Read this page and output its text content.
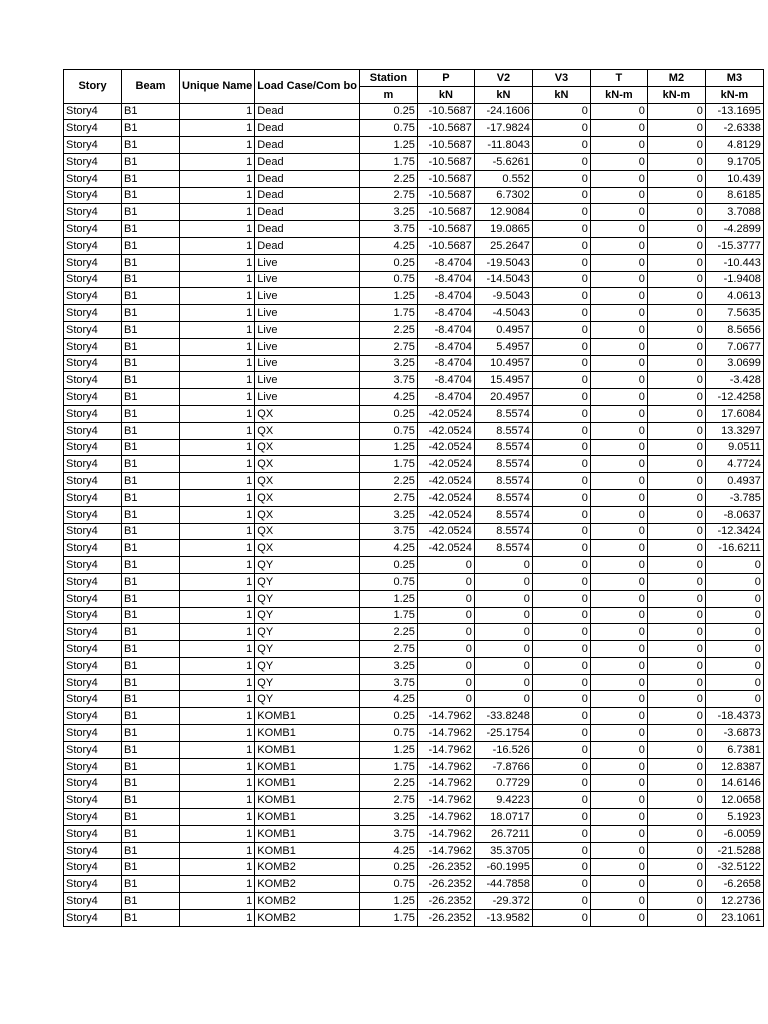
Story	Beam	Unique Name	Load Case/Com bo	Station	P	V2	V3	T	M2	M3
				m	kN	kN	kN	kN-m	kN-m	kN-m
Story4	B1	1	Dead	0.25	-10.5687	-24.1606	0	0	0	-13.1695
Story4	B1	1	Dead	0.75	-10.5687	-17.9824	0	0	0	-2.6338
Story4	B1	1	Dead	1.25	-10.5687	-11.8043	0	0	0	4.8129
Story4	B1	1	Dead	1.75	-10.5687	-5.6261	0	0	0	9.1705
Story4	B1	1	Dead	2.25	-10.5687	0.552	0	0	0	10.439
Story4	B1	1	Dead	2.75	-10.5687	6.7302	0	0	0	8.6185
Story4	B1	1	Dead	3.25	-10.5687	12.9084	0	0	0	3.7088
Story4	B1	1	Dead	3.75	-10.5687	19.0865	0	0	0	-4.2899
Story4	B1	1	Dead	4.25	-10.5687	25.2647	0	0	0	-15.3777
Story4	B1	1	Live	0.25	-8.4704	-19.5043	0	0	0	-10.443
Story4	B1	1	Live	0.75	-8.4704	-14.5043	0	0	0	-1.9408
Story4	B1	1	Live	1.25	-8.4704	-9.5043	0	0	0	4.0613
Story4	B1	1	Live	1.75	-8.4704	-4.5043	0	0	0	7.5635
Story4	B1	1	Live	2.25	-8.4704	0.4957	0	0	0	8.5656
Story4	B1	1	Live	2.75	-8.4704	5.4957	0	0	0	7.0677
Story4	B1	1	Live	3.25	-8.4704	10.4957	0	0	0	3.0699
Story4	B1	1	Live	3.75	-8.4704	15.4957	0	0	0	-3.428
Story4	B1	1	Live	4.25	-8.4704	20.4957	0	0	0	-12.4258
Story4	B1	1	QX	0.25	-42.0524	8.5574	0	0	0	17.6084
Story4	B1	1	QX	0.75	-42.0524	8.5574	0	0	0	13.3297
Story4	B1	1	QX	1.25	-42.0524	8.5574	0	0	0	9.0511
Story4	B1	1	QX	1.75	-42.0524	8.5574	0	0	0	4.7724
Story4	B1	1	QX	2.25	-42.0524	8.5574	0	0	0	0.4937
Story4	B1	1	QX	2.75	-42.0524	8.5574	0	0	0	-3.785
Story4	B1	1	QX	3.25	-42.0524	8.5574	0	0	0	-8.0637
Story4	B1	1	QX	3.75	-42.0524	8.5574	0	0	0	-12.3424
Story4	B1	1	QX	4.25	-42.0524	8.5574	0	0	0	-16.6211
Story4	B1	1	QY	0.25	0	0	0	0	0	0
Story4	B1	1	QY	0.75	0	0	0	0	0	0
Story4	B1	1	QY	1.25	0	0	0	0	0	0
Story4	B1	1	QY	1.75	0	0	0	0	0	0
Story4	B1	1	QY	2.25	0	0	0	0	0	0
Story4	B1	1	QY	2.75	0	0	0	0	0	0
Story4	B1	1	QY	3.25	0	0	0	0	0	0
Story4	B1	1	QY	3.75	0	0	0	0	0	0
Story4	B1	1	QY	4.25	0	0	0	0	0	0
Story4	B1	1	KOMB1	0.25	-14.7962	-33.8248	0	0	0	-18.4373
Story4	B1	1	KOMB1	0.75	-14.7962	-25.1754	0	0	0	-3.6873
Story4	B1	1	KOMB1	1.25	-14.7962	-16.526	0	0	0	6.7381
Story4	B1	1	KOMB1	1.75	-14.7962	-7.8766	0	0	0	12.8387
Story4	B1	1	KOMB1	2.25	-14.7962	0.7729	0	0	0	14.6146
Story4	B1	1	KOMB1	2.75	-14.7962	9.4223	0	0	0	12.0658
Story4	B1	1	KOMB1	3.25	-14.7962	18.0717	0	0	0	5.1923
Story4	B1	1	KOMB1	3.75	-14.7962	26.7211	0	0	0	-6.0059
Story4	B1	1	KOMB1	4.25	-14.7962	35.3705	0	0	0	-21.5288
Story4	B1	1	KOMB2	0.25	-26.2352	-60.1995	0	0	0	-32.5122
Story4	B1	1	KOMB2	0.75	-26.2352	-44.7858	0	0	0	-6.2658
Story4	B1	1	KOMB2	1.25	-26.2352	-29.372	0	0	0	12.2736
Story4	B1	1	KOMB2	1.75	-26.2352	-13.9582	0	0	0	23.1061
